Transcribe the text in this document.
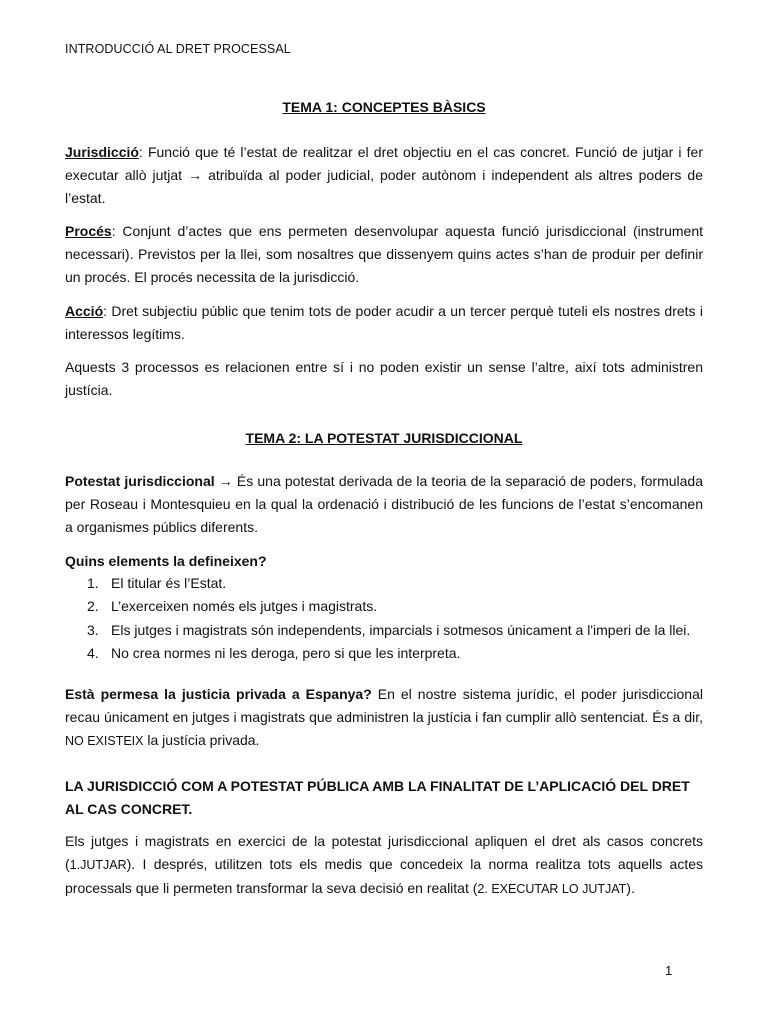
INTRODUCCIÓ AL DRET PROCESSAL
TEMA 1: CONCEPTES BÀSICS

Jurisdicció: Funció que té l’estat de realitzar el dret objectiu en el cas concret. Funció de jutjar i fer executar allò jutjat → atribuïda al poder judicial, poder autònom i independent als altres poders de l’estat.

Procés: Conjunt d’actes que ens permeten desenvolupar aquesta funció jurisdiccional (instrument necessari). Previstos per la llei, som nosaltres que dissenyem quins actes s’han de produir per definir un procés. El procés necessita de la jurisdicció.

Acció: Dret subjectiu públic que tenim tots de poder acudir a un tercer perquè tuteli els nostres drets i interessos legítims.

Aquests 3 processos es relacionen entre sí i no poden existir un sense l’altre, així tots administren justícia.

TEMA 2: LA POTESTAT JURISDICCIONAL

Potestat jurisdiccional → És una potestat derivada de la teoria de la separació de poders, formulada per Roseau i Montesquieu en la qual la ordenació i distribució de les funcions de l’estat s’encomanen a organismes públics diferents.

Quins elements la defineixen?
1. El titular és l’Estat.
2. L’exerceixen només els jutges i magistrats.
3. Els jutges i magistrats són independents, imparcials i sotmesos únicament a l'imperi de la llei.
4. No crea normes ni les deroga, pero si que les interpreta.

Està permesa la justicia privada a Espanya? En el nostre sistema jurídic, el poder jurisdiccional recau únicament en jutges i magistrats que administren la justícia i fan cumplir allò sentenciat. És a dir, NO EXISTEIX la justícia privada.

LA JURISDICCIÓ COM A POTESTAT PÚBLICA AMB LA FINALITAT DE L’APLICACIÓ DEL DRET AL CAS CONCRET.

Els jutges i magistrats en exercici de la potestat jurisdiccional apliquen el dret als casos concrets (1.JUTJAR). I després, utilitzen tots els medis que concedeix la norma realitza tots aquells actes processals que li permeten transformar la seva decisió en realitat (2. EXECUTAR LO JUTJAT).

1
